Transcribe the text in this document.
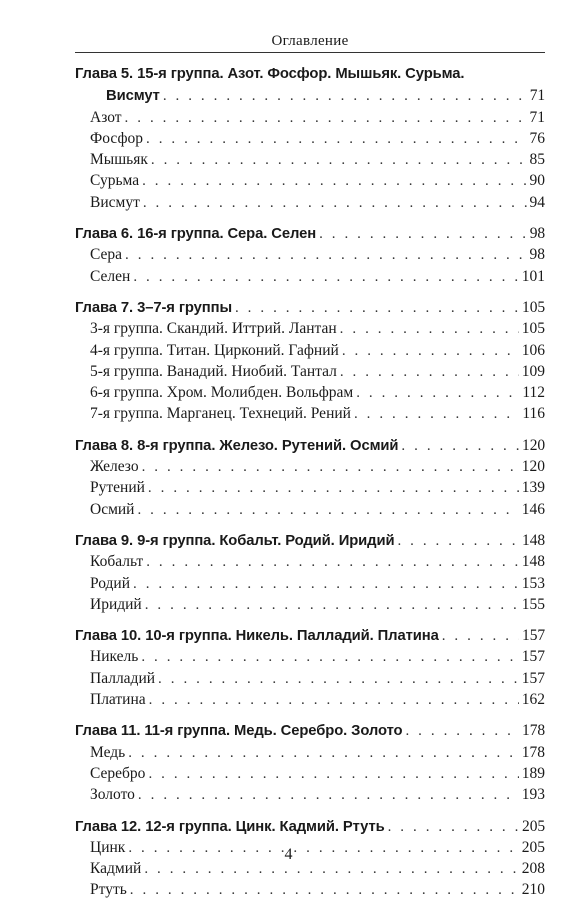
Оглавление
Глава 5. 15-я группа. Азот. Фосфор. Мышьяк. Сурьма.
Висмут . . .	71
Азот . . .	71
Фосфор . . .	76
Мышьяк . . .	85
Сурьма . . .	90
Висмут . . .	94
Глава 6. 16-я группа. Сера. Селен . . .	98
Сера . . .	98
Селен . . .	101
Глава 7. 3–7-я группы . . .	105
3-я группа. Скандий. Иттрий. Лантан . . .	105
4-я группа. Титан. Цирконий. Гафний . . .	106
5-я группа. Ванадий. Ниобий. Тантал . . .	109
6-я группа. Хром. Молибден. Вольфрам . . .	112
7-я группа. Марганец. Технеций. Рений . . .	116
Глава 8. 8-я группа. Железо. Рутений. Осмий . . .	120
Железо . . .	120
Рутений . . .	139
Осмий . . .	146
Глава 9. 9-я группа. Кобальт. Родий. Иридий . . .	148
Кобальт . . .	148
Родий . . .	153
Иридий . . .	155
Глава 10. 10-я группа. Никель. Палладий. Платина . . .	157
Никель . . .	157
Палладий . . .	157
Платина . . .	162
Глава 11. 11-я группа. Медь. Серебро. Золото . . .	178
Медь . . .	178
Серебро . . .	189
Золото . . .	193
Глава 12. 12-я группа. Цинк. Кадмий. Ртуть . . .	205
Цинк . . .	205
Кадмий . . .	208
Ртуть . . .	210
4
